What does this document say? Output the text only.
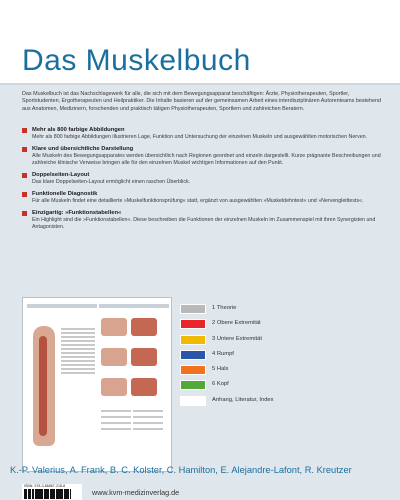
Das Muskelbuch
Das Muskelbuch ist das Nachschlagewerk für alle, die sich mit dem Bewegungsapparat beschäftigen: Ärzte, Physiotherapeuten, Sportler, Sportstudenten, Ergotherapeuten und Heilpraktiker. Die Inhalte basieren auf der gemeinsamen Arbeit eines interdisziplinären Autorenteams bestehend aus Anatomen, Medizinern, forschenden und praktisch tätigen Physiotherapeuten, Sportlern und zahlreichen Beratern.
Mehr als 800 farbige Abbildungen
Mehr als 800 farbige Abbildungen illustrieren Lage, Funktion und Untersuchung der einzelnen Muskeln und ausgewählten motorischen Nerven.
Klare und übersichtliche Darstellung
Alle Muskeln des Bewegungsapparates werden übersichtlich nach Regionen geordnet und einzeln dargestellt. Kurze prägnante Beschreibungen und zahlreiche klinische Verweise bringen alle für den einzelnen Muskel wichtigen Informationen auf den Punkt.
Doppelseiten-Layout
Das klare Doppelseiten-Layout ermöglicht einen raschen Überblick.
Funktionelle Diagnostik
Für alle Muskeln findet eine detaillierte »Muskelfunktionsprüfung« statt, ergänzt von ausgewählten »Muskeldehntest« und »Nervengleittests«.
Einzigartig: »Funktionstabellen«
Ein Highlight sind die »Funktionstabellen«. Diese beschreiben die Funktionen der einzelnen Muskeln im Zusammenspiel mit ihren Synergisten und Antagonisten.
1 Theorie
2 Obere Extremität
3 Untere Extremität
4 Rumpf
5 Hals
6 Kopf
Anhang, Literatur, Index
K.-P. Valerius, A. Frank, B. C. Kolster, C. Hamilton, E. Alejandre-Lafont, R. Kreutzer
ISBN: 978-3-86867-218-8
www.kvm-medizinverlag.de
